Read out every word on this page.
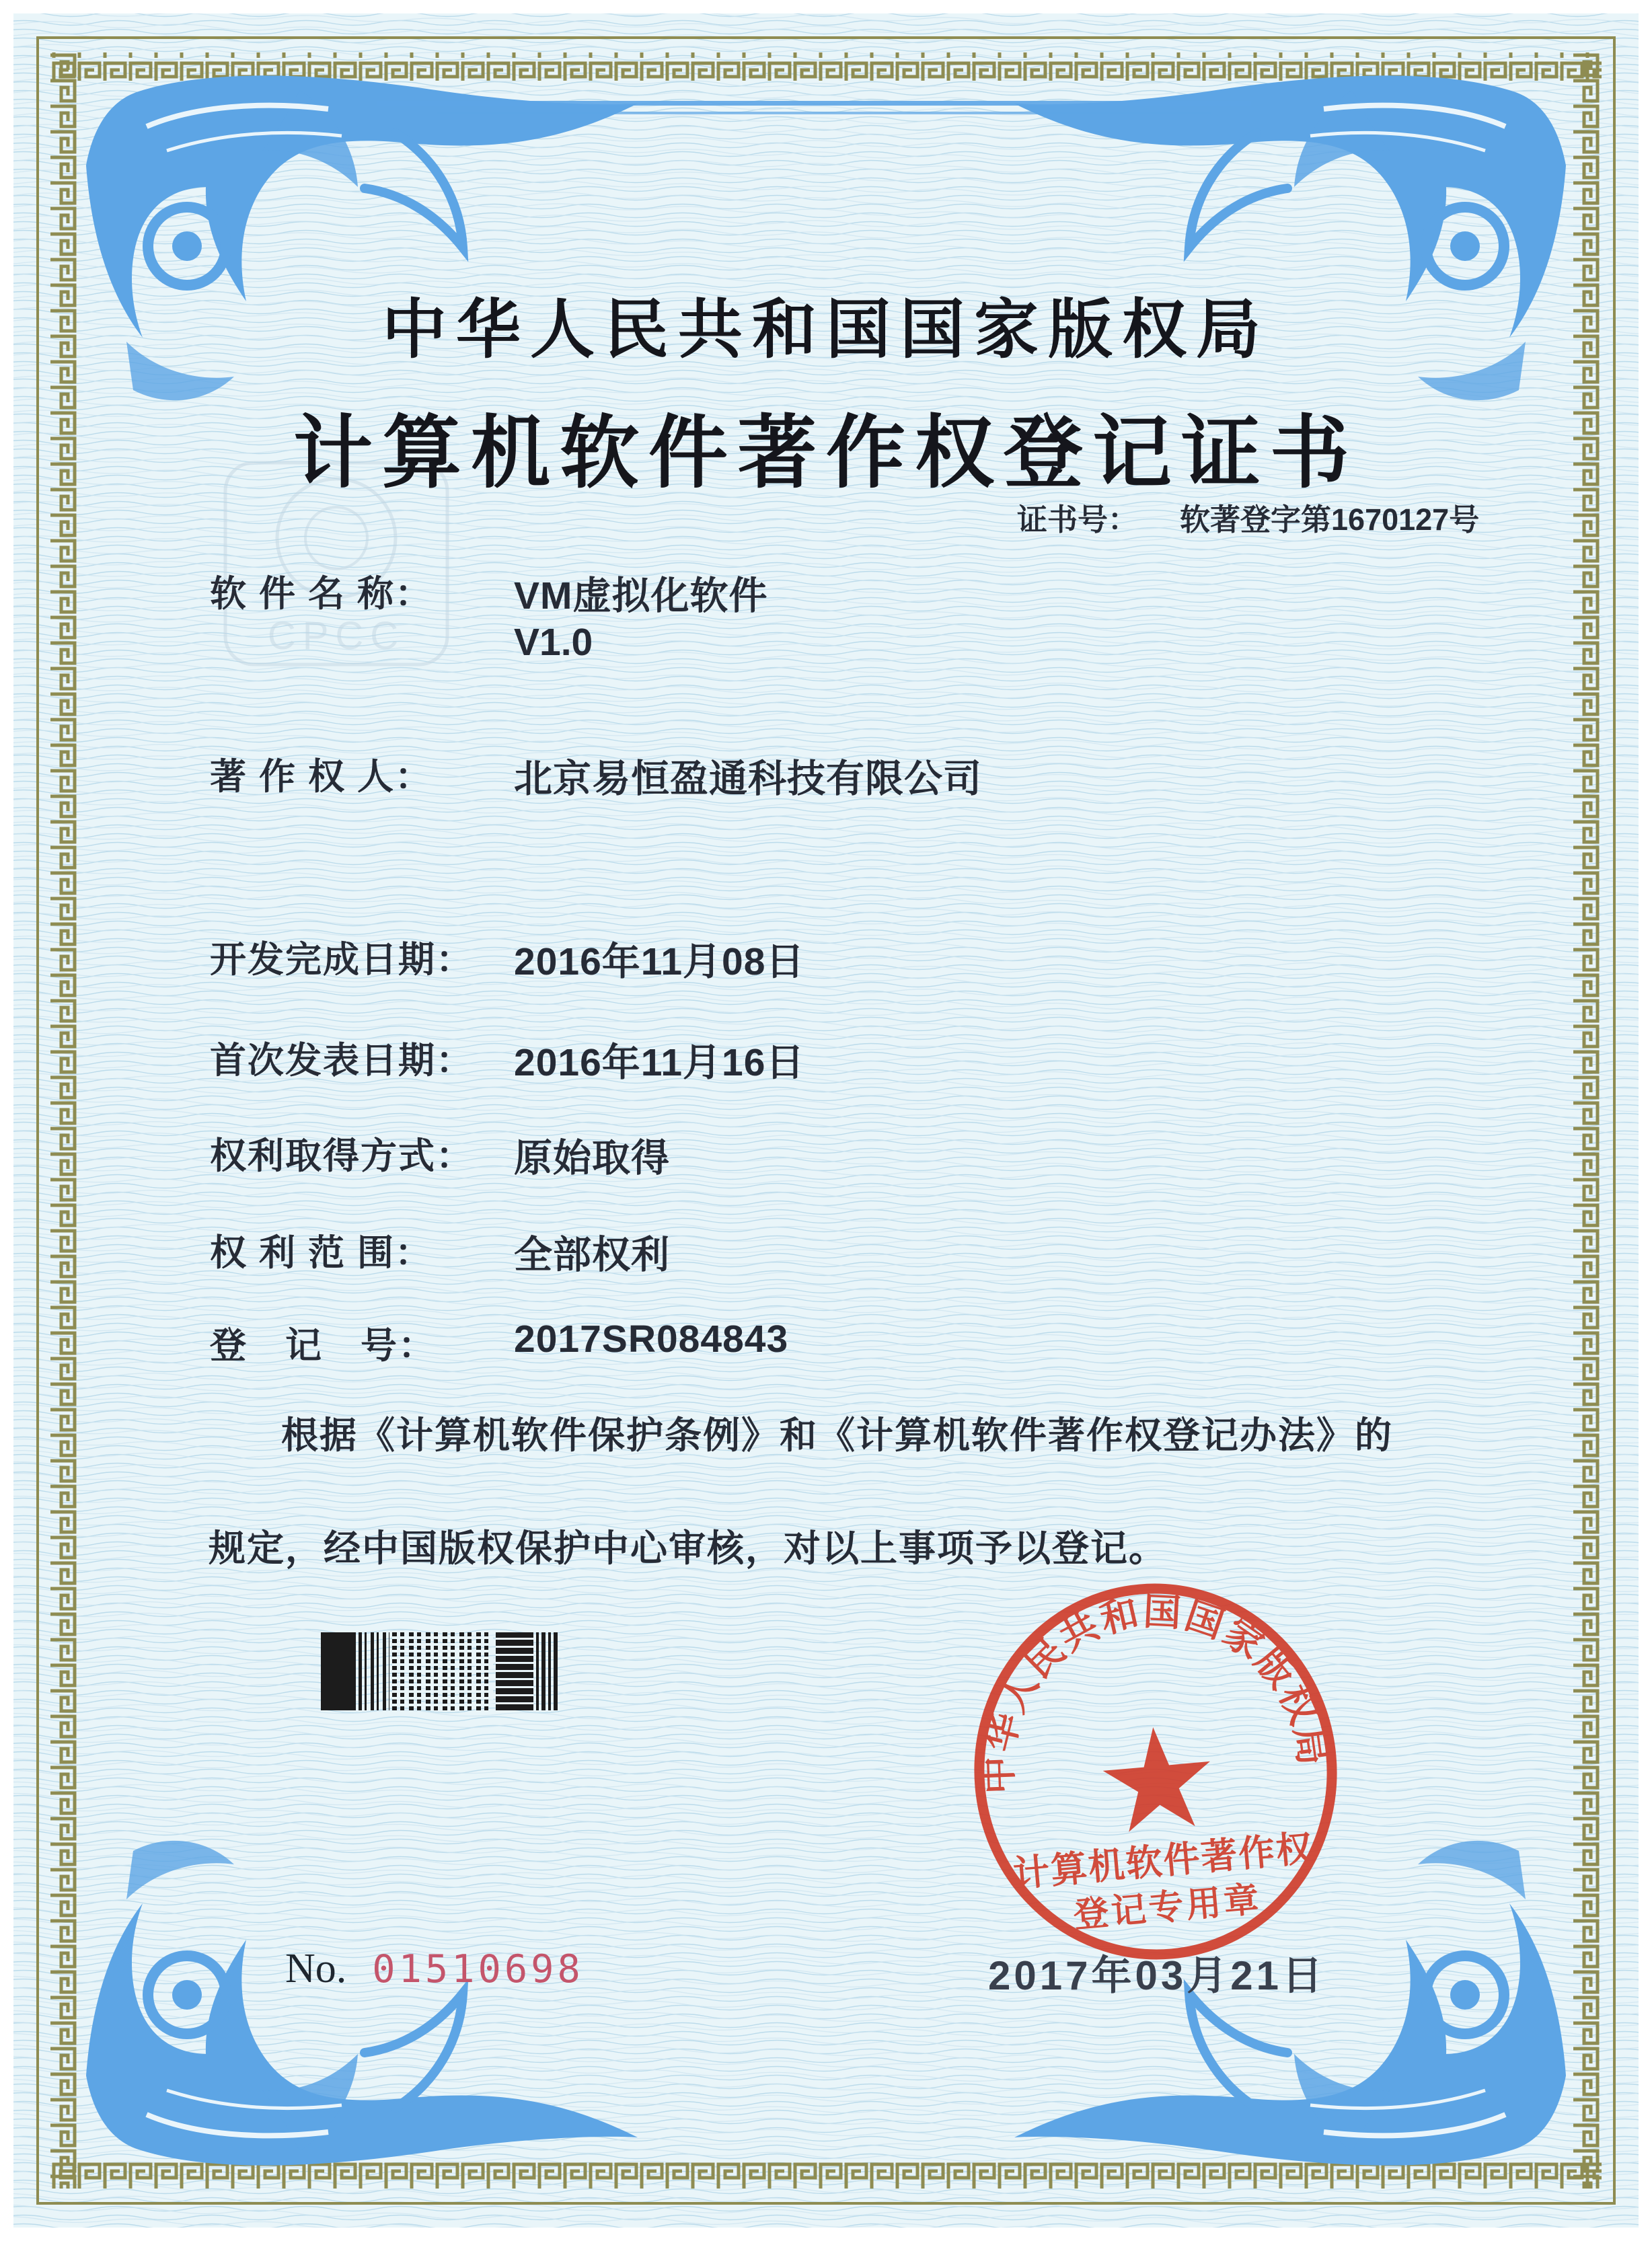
CPCC
中华人民共和国国家版权局
计算机软件著作权登记证书
证书号： 软著登字第1670127号
软 件 名 称：	VM虚拟化软件
V1.0
著 作 权 人：	北京易恒盈通科技有限公司
开发完成日期：	2016年11月08日
首次发表日期：	2016年11月16日
权利取得方式：	原始取得
权 利 范 围：	全部权利
登　记　号：	2017SR084843
根据《计算机软件保护条例》和《计算机软件著作权登记办法》的
规定，经中国版权保护中心审核，对以上事项予以登记。
中华人民共和国国家版权局
计算机软件著作权
登记专用章
2017年03月21日
No. 01510698
